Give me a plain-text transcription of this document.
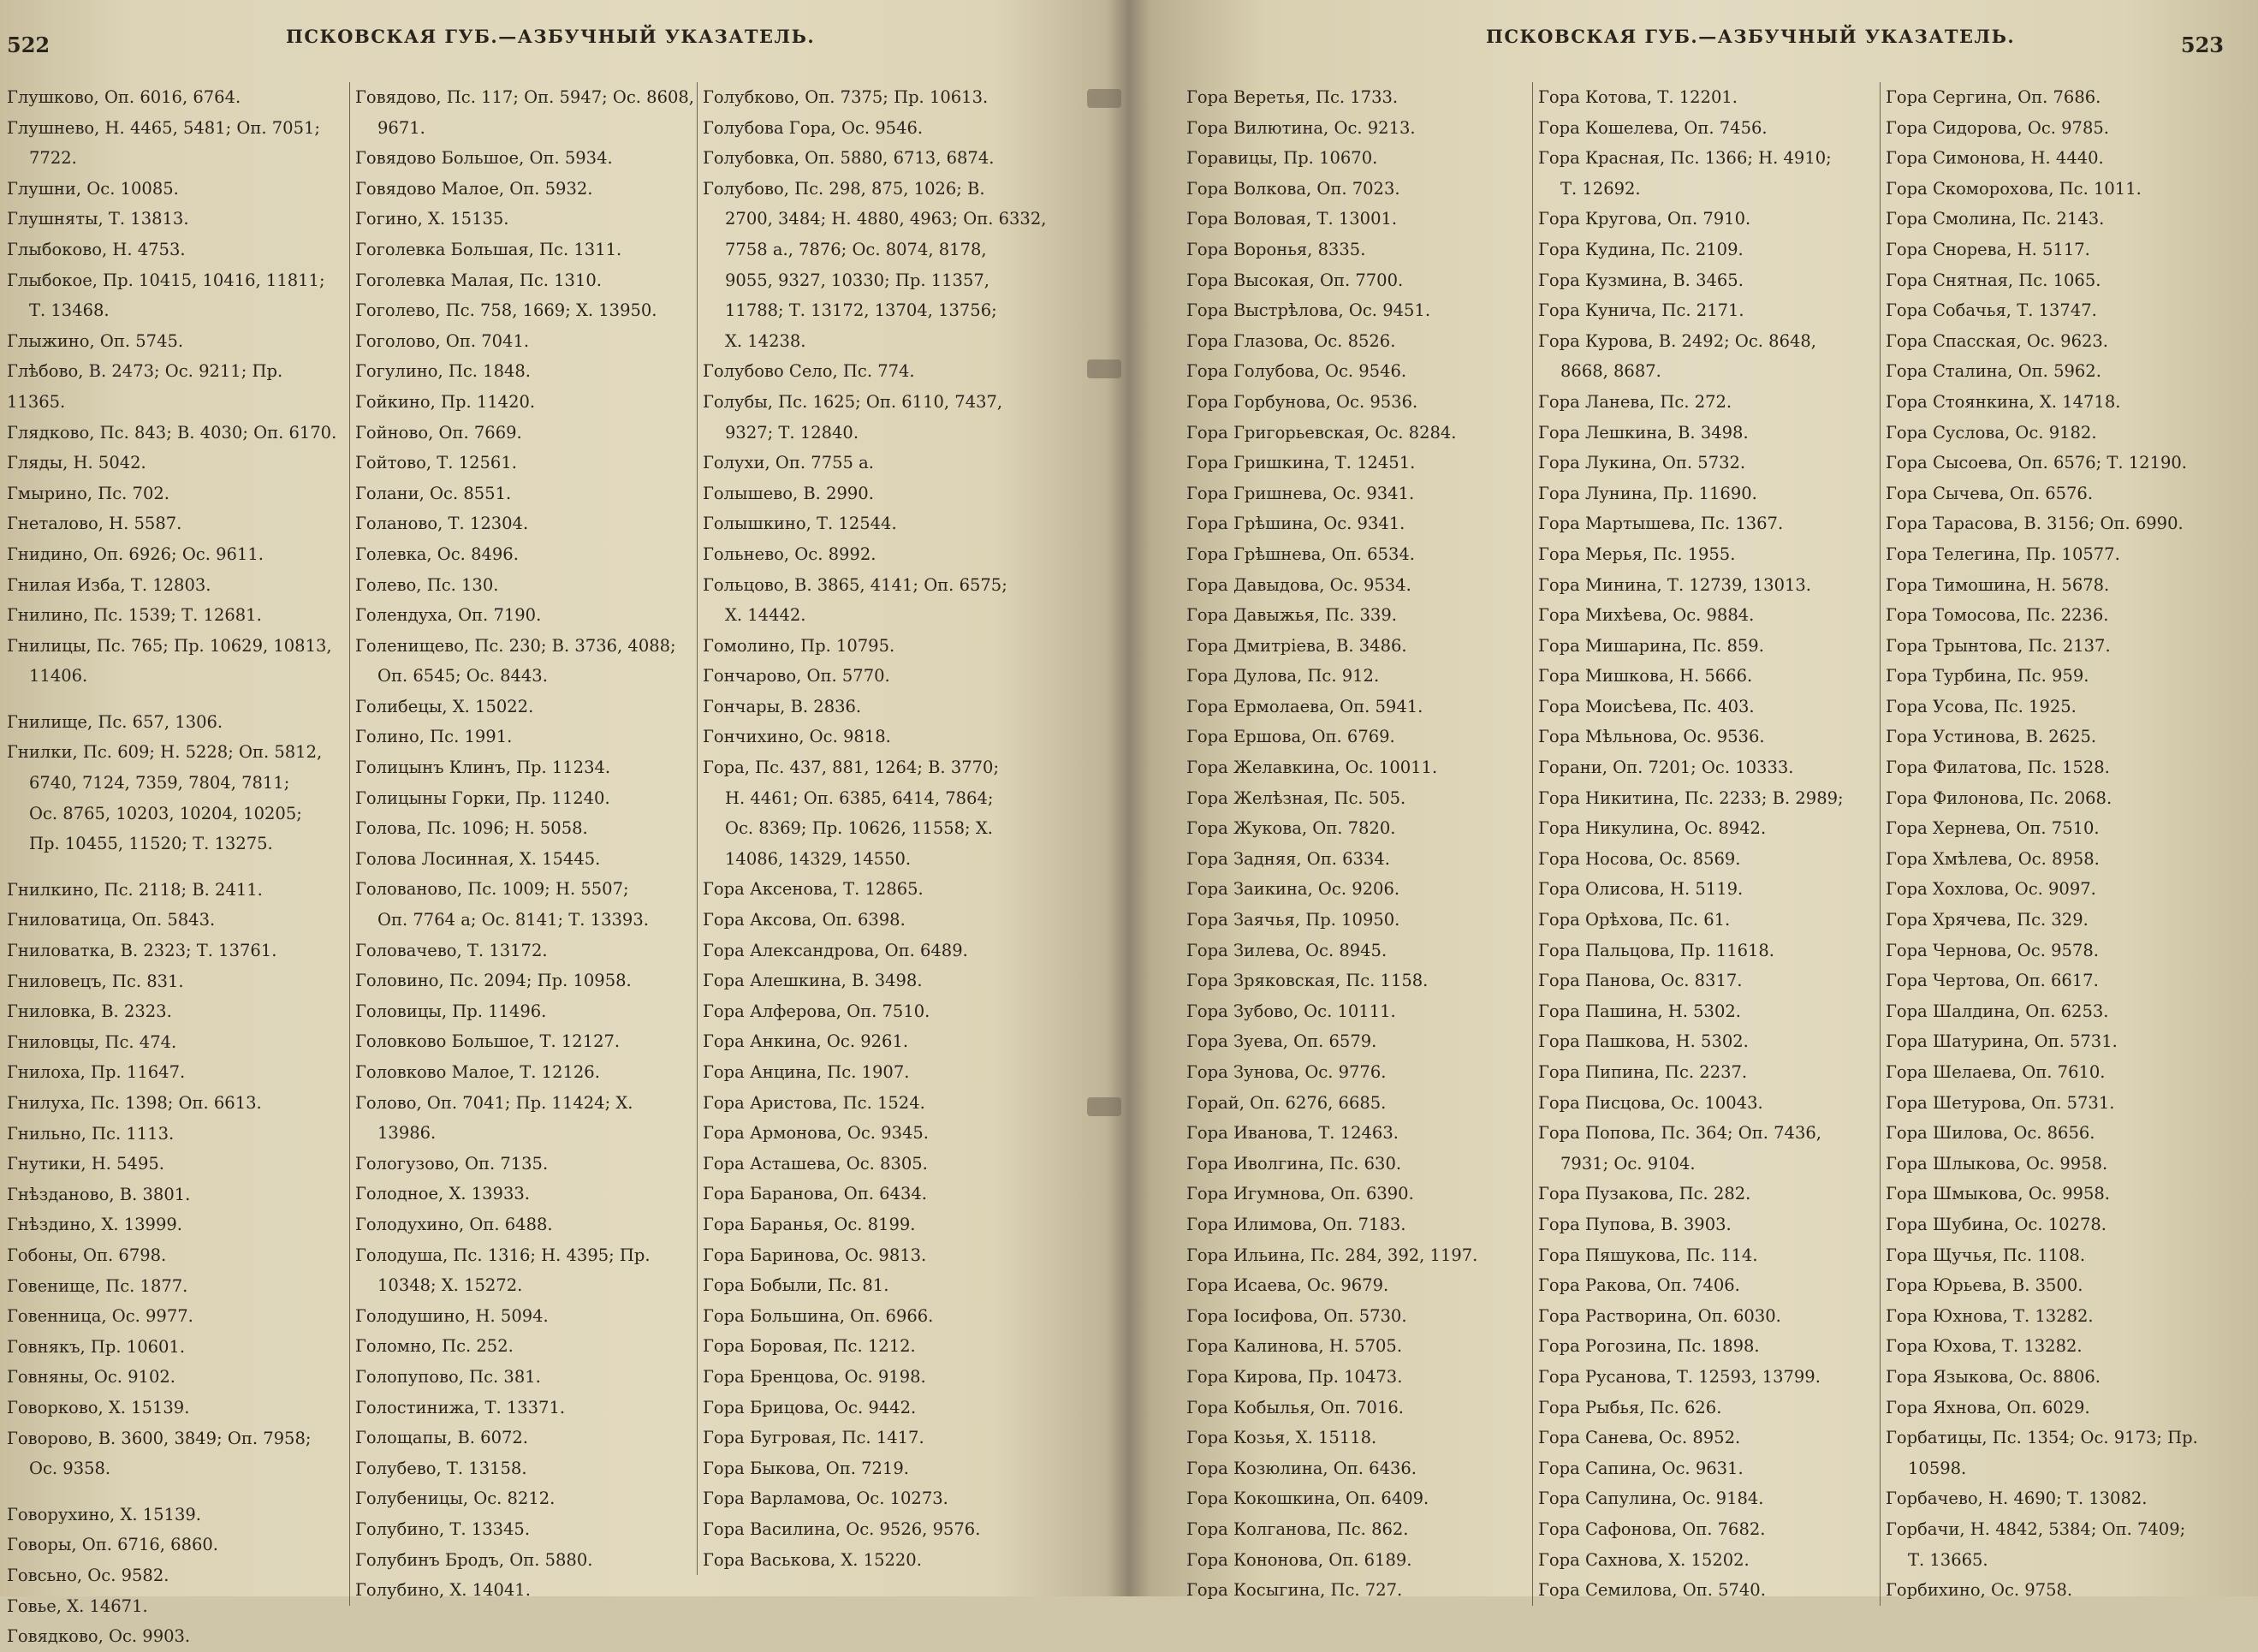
522	ПСКОВСКАЯ ГУБ.—АЗБУЧНЫЙ УКАЗАТЕЛЬ.
Глушково, Оп. 6016, 6764.
Глушнево, Н. 4465, 5481; Оп. 7051;
7722.
Глушни, Ос. 10085.
Глушняты, Т. 13813.
Глыбоково, Н. 4753.
Глыбокое, Пр. 10415, 10416, 11811;
Т. 13468.
Глыжино, Оп. 5745.
Глѣбово, В. 2473; Ос. 9211; Пр. 11365.
Глядково, Пс. 843; В. 4030; Оп. 6170.
Гляды, Н. 5042.
Гмырино, Пс. 702.
Гнеталово, Н. 5587.
Гнидино, Оп. 6926; Ос. 9611.
Гнилая Изба, Т. 12803.
Гнилино, Пс. 1539; Т. 12681.
Гнилицы, Пс. 765; Пр. 10629, 10813,
11406.
Гнилище, Пс. 657, 1306.
Гнилки, Пс. 609; Н. 5228; Оп. 5812,
6740, 7124, 7359, 7804, 7811;
Ос. 8765, 10203, 10204, 10205;
Пр. 10455, 11520; Т. 13275.
Гнилкино, Пс. 2118; В. 2411.
Гниловатица, Оп. 5843.
Гниловатка, В. 2323; Т. 13761.
Гниловецъ, Пс. 831.
Гниловка, В. 2323.
Гниловцы, Пс. 474.
Гнилоха, Пр. 11647.
Гнилуха, Пс. 1398; Оп. 6613.
Гнильно, Пс. 1113.
Гнутики, Н. 5495.
Гнѣзданово, В. 3801.
Гнѣздино, Х. 13999.
Гобоны, Оп. 6798.
Говенище, Пс. 1877.
Говенница, Ос. 9977.
Говнякъ, Пр. 10601.
Говняны, Ос. 9102.
Говорково, Х. 15139.
Говорово, В. 3600, 3849; Оп. 7958;
Ос. 9358.
Говорухино, Х. 15139.
Говоры, Оп. 6716, 6860.
Говсьно, Ос. 9582.
Говье, Х. 14671.
Говядково, Ос. 9903.
Говядово, Пс. 117; Оп. 5947; Ос. 8608,
9671.
Говядово Большое, Оп. 5934.
Говядово Малое, Оп. 5932.
Гогино, Х. 15135.
Гоголевка Большая, Пс. 1311.
Гоголевка Малая, Пс. 1310.
Гоголево, Пс. 758, 1669; Х. 13950.
Гоголово, Оп. 7041.
Гогулино, Пс. 1848.
Гойкино, Пр. 11420.
Гойново, Оп. 7669.
Гойтово, Т. 12561.
Голани, Ос. 8551.
Голаново, Т. 12304.
Голевка, Ос. 8496.
Голево, Пс. 130.
Голендуха, Оп. 7190.
Голенищево, Пс. 230; В. 3736, 4088;
Оп. 6545; Ос. 8443.
Голибецы, Х. 15022.
Голино, Пс. 1991.
Голицынъ Клинъ, Пр. 11234.
Голицыны Горки, Пр. 11240.
Голова, Пс. 1096; Н. 5058.
Голова Лосинная, Х. 15445.
Голованово, Пс. 1009; Н. 5507;
Оп. 7764 а; Ос. 8141; Т. 13393.
Головачево, Т. 13172.
Головино, Пс. 2094; Пр. 10958.
Головицы, Пр. 11496.
Головково Большое, Т. 12127.
Головково Малое, Т. 12126.
Голово, Оп. 7041; Пр. 11424; Х.
13986.
Гологузово, Оп. 7135.
Голодное, Х. 13933.
Голодухино, Оп. 6488.
Голодуша, Пс. 1316; Н. 4395; Пр.
10348; Х. 15272.
Голодушино, Н. 5094.
Голомно, Пс. 252.
Голопупово, Пс. 381.
Голостинижа, Т. 13371.
Голощапы, В. 6072.
Голубево, Т. 13158.
Голубеницы, Ос. 8212.
Голубино, Т. 13345.
Голубинъ Бродъ, Оп. 5880.
Голубино, Х. 14041.
Голубково, Оп. 7375; Пр. 10613.
Голубова Гора, Ос. 9546.
Голубовка, Оп. 5880, 6713, 6874.
Голубово, Пс. 298, 875, 1026; В.
2700, 3484; Н. 4880, 4963; Оп. 6332,
7758 а., 7876; Ос. 8074, 8178,
9055, 9327, 10330; Пр. 11357,
11788; Т. 13172, 13704, 13756;
Х. 14238.
Голубово Село, Пс. 774.
Голубы, Пс. 1625; Оп. 6110, 7437,
9327; Т. 12840.
Голухи, Оп. 7755 а.
Голышево, В. 2990.
Голышкино, Т. 12544.
Гольнево, Ос. 8992.
Гольцово, В. 3865, 4141; Оп. 6575;
Х. 14442.
Гомолино, Пр. 10795.
Гончарово, Оп. 5770.
Гончары, В. 2836.
Гончихино, Ос. 9818.
Гора, Пс. 437, 881, 1264; В. 3770;
Н. 4461; Оп. 6385, 6414, 7864;
Ос. 8369; Пр. 10626, 11558; Х.
14086, 14329, 14550.
Гора Аксенова, Т. 12865.
Гора Аксова, Оп. 6398.
Гора Александрова, Оп. 6489.
Гора Алешкина, В. 3498.
Гора Алферова, Оп. 7510.
Гора Анкина, Ос. 9261.
Гора Анцина, Пс. 1907.
Гора Аристова, Пс. 1524.
Гора Армонова, Ос. 9345.
Гора Асташева, Ос. 8305.
Гора Баранова, Оп. 6434.
Гора Баранья, Ос. 8199.
Гора Баринова, Ос. 9813.
Гора Бобыли, Пс. 81.
Гора Большина, Оп. 6966.
Гора Боровая, Пс. 1212.
Гора Бренцова, Ос. 9198.
Гора Брицова, Ос. 9442.
Гора Бугровая, Пс. 1417.
Гора Быкова, Оп. 7219.
Гора Варламова, Ос. 10273.
Гора Василина, Ос. 9526, 9576.
Гора Васькова, Х. 15220.
523
ПСКОВСКАЯ ГУБ.—АЗБУЧНЫЙ УКАЗАТЕЛЬ.
Гора Веретья, Пс. 1733.
Гора Вилютина, Ос. 9213.
Горавицы, Пр. 10670.
Гора Волкова, Оп. 7023.
Гора Воловая, Т. 13001.
Гора Воронья, 8335.
Гора Высокая, Оп. 7700.
Гора Выстрѣлова, Ос. 9451.
Гора Глазова, Ос. 8526.
Гора Голубова, Ос. 9546.
Гора Горбунова, Ос. 9536.
Гора Григорьевская, Ос. 8284.
Гора Гришкина, Т. 12451.
Гора Гришнева, Ос. 9341.
Гора Грѣшина, Ос. 9341.
Гора Грѣшнева, Оп. 6534.
Гора Давыдова, Ос. 9534.
Гора Давыжья, Пс. 339.
Гора Дмитріева, В. 3486.
Гора Дулова, Пс. 912.
Гора Ермолаева, Оп. 5941.
Гора Ершова, Оп. 6769.
Гора Желавкина, Ос. 10011.
Гора Желѣзная, Пс. 505.
Гора Жукова, Оп. 7820.
Гора Задняя, Оп. 6334.
Гора Заикина, Ос. 9206.
Гора Заячья, Пр. 10950.
Гора Зилева, Ос. 8945.
Гора Зряковская, Пс. 1158.
Гора Зубово, Ос. 10111.
Гора Зуева, Оп. 6579.
Гора Зунова, Ос. 9776.
Горай, Оп. 6276, 6685.
Гора Иванова, Т. 12463.
Гора Иволгина, Пс. 630.
Гора Игумнова, Оп. 6390.
Гора Илимова, Оп. 7183.
Гора Ильина, Пс. 284, 392, 1197.
Гора Исаева, Ос. 9679.
Гора Іосифова, Оп. 5730.
Гора Калинова, Н. 5705.
Гора Кирова, Пр. 10473.
Гора Кобылья, Оп. 7016.
Гора Козья, Х. 15118.
Гора Козюлина, Оп. 6436.
Гора Кокошкина, Оп. 6409.
Гора Колганова, Пс. 862.
Гора Кононова, Оп. 6189.
Гора Косыгина, Пс. 727.
Гора Котова, Т. 12201.
Гора Кошелева, Оп. 7456.
Гора Красная, Пс. 1366; Н. 4910;
Т. 12692.
Гора Кругова, Оп. 7910.
Гора Кудина, Пс. 2109.
Гора Кузмина, В. 3465.
Гора Кунича, Пс. 2171.
Гора Курова, В. 2492; Ос. 8648,
8668, 8687.
Гора Ланева, Пс. 272.
Гора Лешкина, В. 3498.
Гора Лукина, Оп. 5732.
Гора Лунина, Пр. 11690.
Гора Мартышева, Пс. 1367.
Гора Мерья, Пс. 1955.
Гора Минина, Т. 12739, 13013.
Гора Михѣева, Ос. 9884.
Гора Мишарина, Пс. 859.
Гора Мишкова, Н. 5666.
Гора Моисѣева, Пс. 403.
Гора Мѣльнова, Ос. 9536.
Горани, Оп. 7201; Ос. 10333.
Гора Никитина, Пс. 2233; В. 2989;
Гора Никулина, Ос. 8942.
Гора Носова, Ос. 8569.
Гора Олисова, Н. 5119.
Гора Орѣхова, Пс. 61.
Гора Пальцова, Пр. 11618.
Гора Панова, Ос. 8317.
Гора Пашина, Н. 5302.
Гора Пашкова, Н. 5302.
Гора Пипина, Пс. 2237.
Гора Писцова, Ос. 10043.
Гора Попова, Пс. 364; Оп. 7436,
7931; Ос. 9104.
Гора Пузакова, Пс. 282.
Гора Пупова, В. 3903.
Гора Пяшукова, Пс. 114.
Гора Ракова, Оп. 7406.
Гора Растворина, Оп. 6030.
Гора Рогозина, Пс. 1898.
Гора Русанова, Т. 12593, 13799.
Гора Рыбья, Пс. 626.
Гора Санева, Ос. 8952.
Гора Сапина, Ос. 9631.
Гора Сапулина, Ос. 9184.
Гора Сафонова, Оп. 7682.
Гора Сахнова, Х. 15202.
Гора Семилова, Оп. 5740.
Гора Сергина, Оп. 7686.
Гора Сидорова, Ос. 9785.
Гора Симонова, Н. 4440.
Гора Скоморохова, Пс. 1011.
Гора Смолина, Пс. 2143.
Гора Снорева, Н. 5117.
Гора Снятная, Пс. 1065.
Гора Собачья, Т. 13747.
Гора Спасская, Ос. 9623.
Гора Сталина, Оп. 5962.
Гора Стоянкина, Х. 14718.
Гора Суслова, Ос. 9182.
Гора Сысоева, Оп. 6576; Т. 12190.
Гора Сычева, Оп. 6576.
Гора Тарасова, В. 3156; Оп. 6990.
Гора Телегина, Пр. 10577.
Гора Тимошина, Н. 5678.
Гора Томосова, Пс. 2236.
Гора Трынтова, Пс. 2137.
Гора Турбина, Пс. 959.
Гора Усова, Пс. 1925.
Гора Устинова, В. 2625.
Гора Филатова, Пс. 1528.
Гора Филонова, Пс. 2068.
Гора Хернева, Оп. 7510.
Гора Хмѣлева, Ос. 8958.
Гора Хохлова, Ос. 9097.
Гора Хрячева, Пс. 329.
Гора Чернова, Ос. 9578.
Гора Чертова, Оп. 6617.
Гора Шалдина, Оп. 6253.
Гора Шатурина, Оп. 5731.
Гора Шелаева, Оп. 7610.
Гора Шетурова, Оп. 5731.
Гора Шилова, Ос. 8656.
Гора Шлыкова, Ос. 9958.
Гора Шмыкова, Ос. 9958.
Гора Шубина, Ос. 10278.
Гора Щучья, Пс. 1108.
Гора Юрьева, В. 3500.
Гора Юхнова, Т. 13282.
Гора Юхова, Т. 13282.
Гора Языкова, Ос. 8806.
Гора Яхнова, Оп. 6029.
Горбатицы, Пс. 1354; Ос. 9173; Пр.
10598.
Горбачево, Н. 4690; Т. 13082.
Горбачи, Н. 4842, 5384; Оп. 7409;
Т. 13665.
Горбихино, Ос. 9758.
